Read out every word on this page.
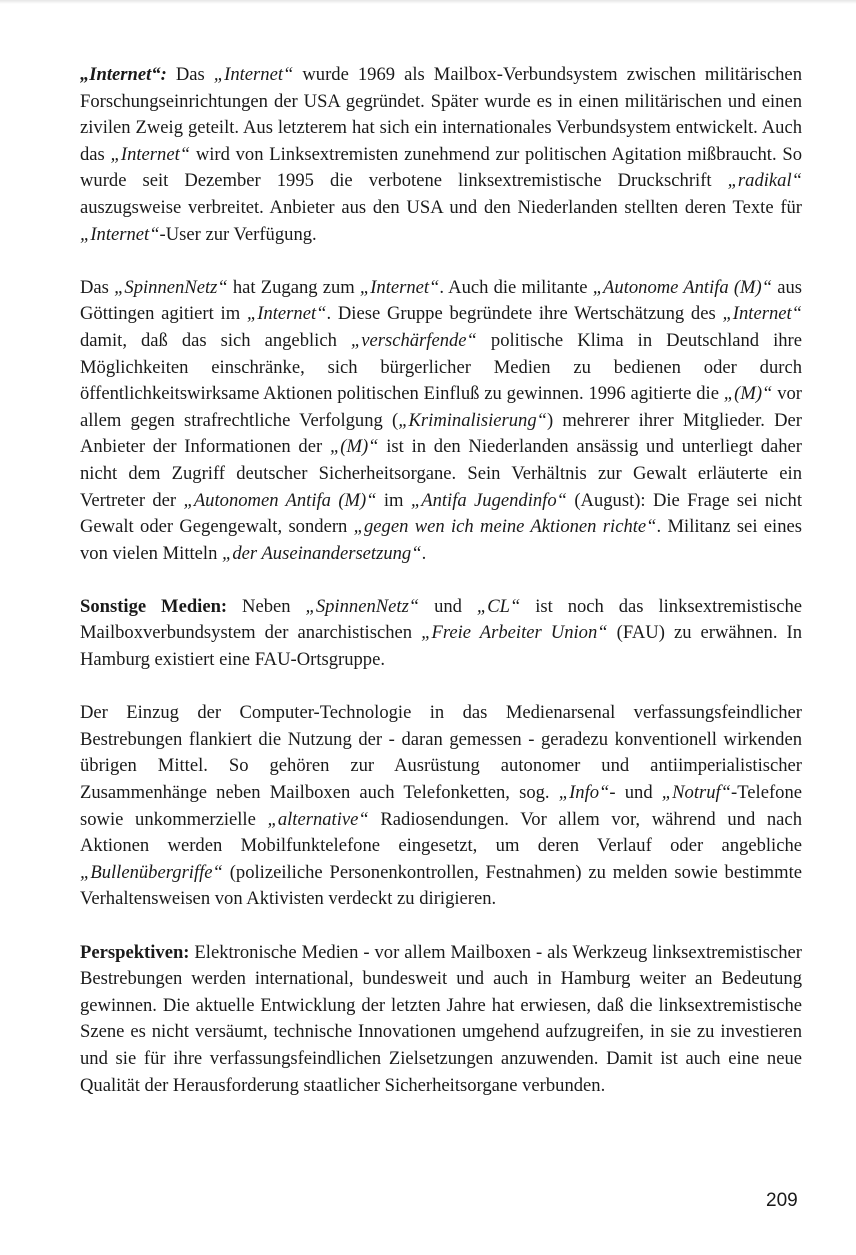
„Internet“: Das „Internet“ wurde 1969 als Mailbox-Verbundsystem zwischen militärischen Forschungseinrichtungen der USA gegründet. Später wurde es in einen militärischen und einen zivilen Zweig geteilt. Aus letzterem hat sich ein internationales Verbundsystem entwickelt. Auch das „Internet“ wird von Linksextremisten zunehmend zur politischen Agitation mißbraucht. So wurde seit Dezember 1995 die verbotene linksextremistische Druckschrift „radikal“ auszugsweise verbreitet. Anbieter aus den USA und den Niederlanden stellten deren Texte für „Internet“-User zur Verfügung.

Das „SpinnenNetz“ hat Zugang zum „Internet“. Auch die militante „Autonome Antifa (M)“ aus Göttingen agitiert im „Internet“. Diese Gruppe begründete ihre Wertschätzung des „Internet“ damit, daß das sich angeblich „verschärfende“ politische Klima in Deutschland ihre Möglichkeiten einschränke, sich bürgerlicher Medien zu bedienen oder durch öffentlichkeitswirksame Aktionen politischen Einfluß zu gewinnen. 1996 agitierte die „(M)“ vor allem gegen strafrechtliche Verfolgung („Kriminalisierung“) mehrerer ihrer Mitglieder. Der Anbieter der Informationen der „(M)“ ist in den Niederlanden ansässig und unterliegt daher nicht dem Zugriff deutscher Sicherheitsorgane. Sein Verhältnis zur Gewalt erläuterte ein Vertreter der „Autonomen Antifa (M)“ im „Antifa Jugendinfo“ (August): Die Frage sei nicht Gewalt oder Gegengewalt, sondern „gegen wen ich meine Aktionen richte“. Militanz sei eines von vielen Mitteln „der Auseinandersetzung“.

Sonstige Medien: Neben „SpinnenNetz“ und „CL“ ist noch das linksextremistische Mailboxverbundsystem der anarchistischen „Freie Arbeiter Union“ (FAU) zu erwähnen. In Hamburg existiert eine FAU-Ortsgruppe.

Der Einzug der Computer-Technologie in das Medienarsenal verfassungsfeindlicher Bestrebungen flankiert die Nutzung der - daran gemessen - geradezu konventionell wirkenden übrigen Mittel. So gehören zur Ausrüstung autonomer und antiimperialistischer Zusammenhänge neben Mailboxen auch Telefonketten, sog. „Info“- und „Notruf“-Telefone sowie unkommerzielle „alternative“ Radiosendungen. Vor allem vor, während und nach Aktionen werden Mobilfunktelefone eingesetzt, um deren Verlauf oder angebliche „Bullenübergriffe“ (polizeiliche Personenkontrollen, Festnahmen) zu melden sowie bestimmte Verhaltensweisen von Aktivisten verdeckt zu dirigieren.

Perspektiven: Elektronische Medien - vor allem Mailboxen - als Werkzeug linksextremistischer Bestrebungen werden international, bundesweit und auch in Hamburg weiter an Bedeutung gewinnen. Die aktuelle Entwicklung der letzten Jahre hat erwiesen, daß die linksextremistische Szene es nicht versäumt, technische Innovationen umgehend aufzugreifen, in sie zu investieren und sie für ihre verfassungsfeindlichen Zielsetzungen anzuwenden. Damit ist auch eine neue Qualität der Herausforderung staatlicher Sicherheitsorgane verbunden.

209
